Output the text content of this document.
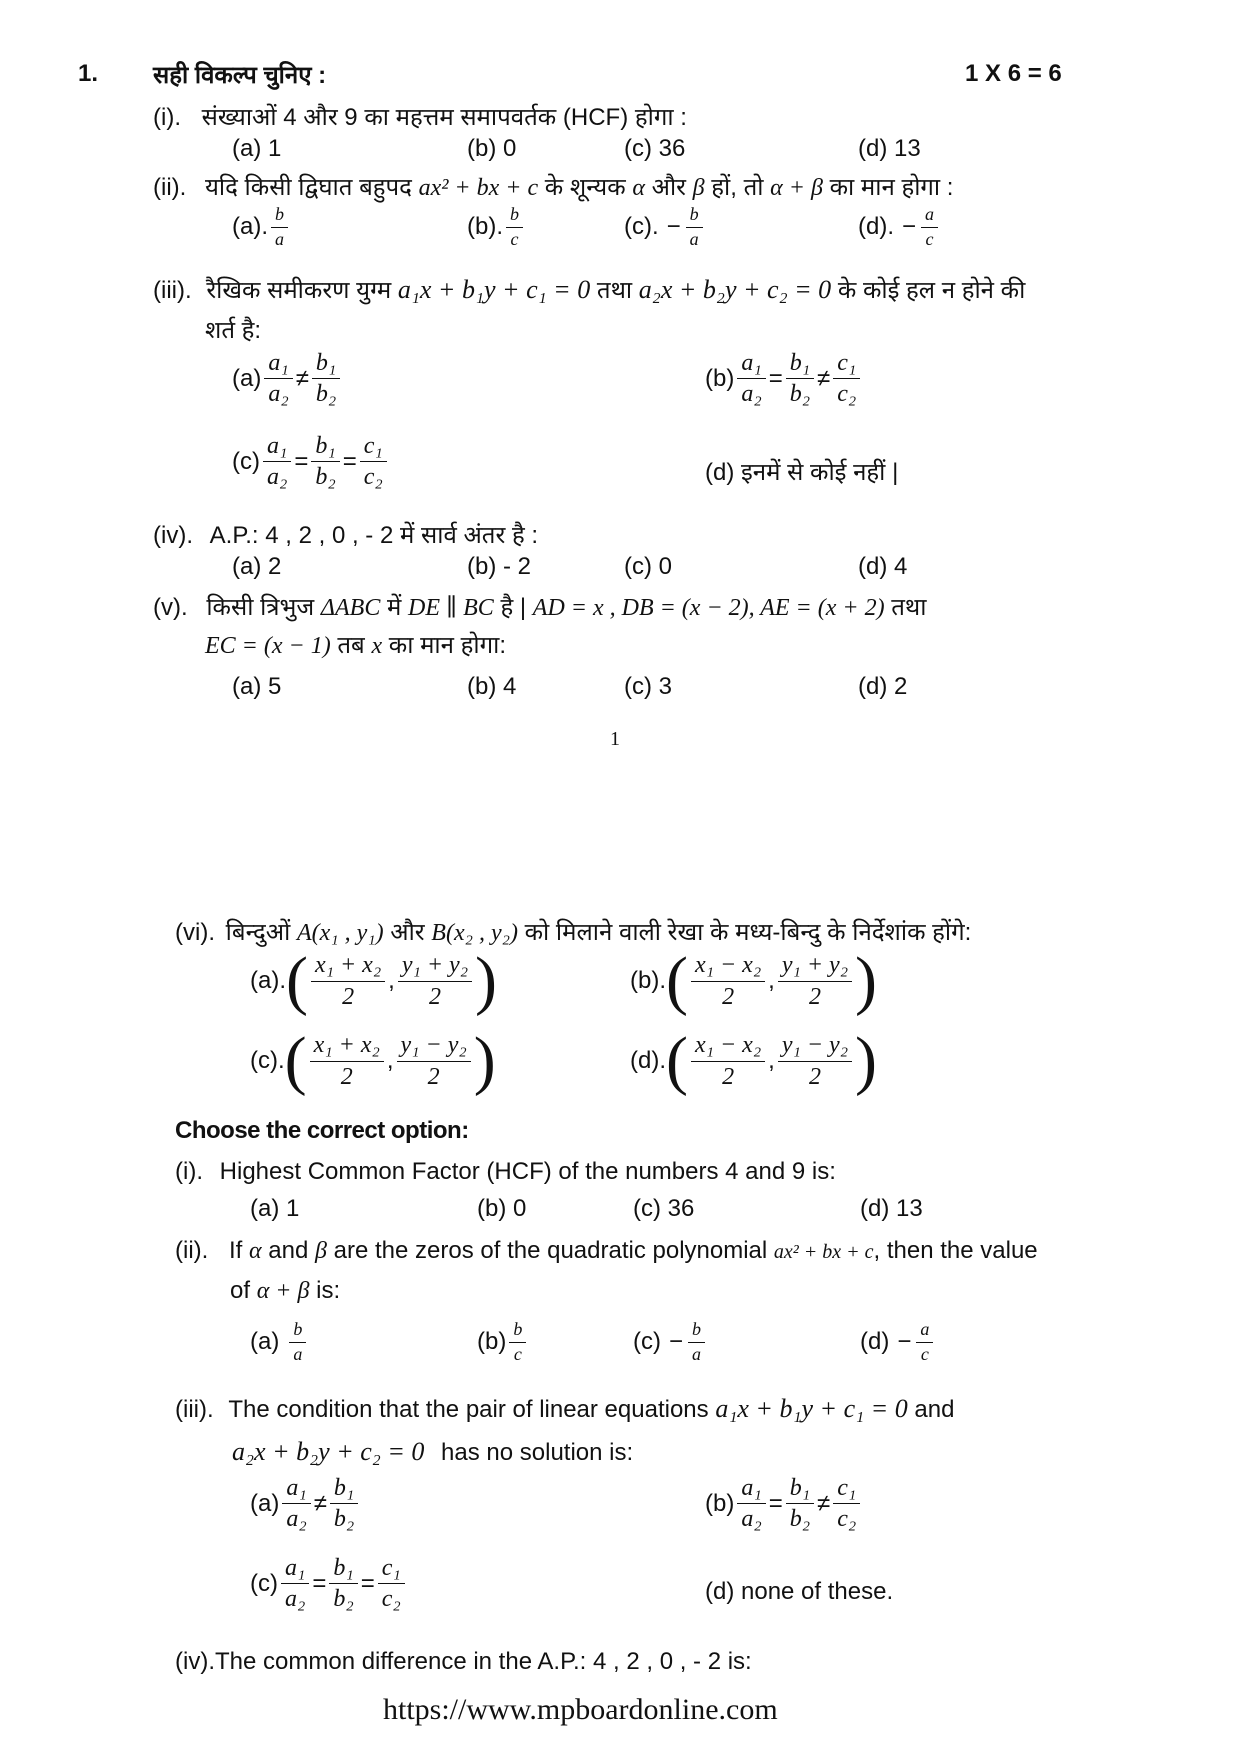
1. सही विकल्प चुनिए :	1 X 6 = 6
(i). संख्याओं 4 और 9 का महत्तम समापवर्तक (HCF) होगा :
(a) 1	(b) 0	(c) 36	(d) 13
(ii). यदि किसी द्विघात बहुपद ax² + bx + c के शून्यक α और β हों, तो α + β का मान होगा :
(a). $\frac{b}{a}$	(b). $\frac{b}{c}$	(c). − $\frac{b}{a}$	(d). − $\frac{a}{c}$
(iii). रैखिक समीकरण युग्म a₁x + b₁y + c₁ = 0 तथा a₂x + b₂y + c₂ = 0 के कोई हल न होने की
शर्त है:
$(a) \frac{\text{a₁}}{\text{a₂}} \ne \frac{\text{b₁}}{\text{b₂}}$	$(b) \frac{\text{a₁}}{\text{a₂}} = \frac{\text{b₁}}{\text{b₂}} \ne \frac{\text{c₁}}{\text{c₂}}$
$(c) \frac{\text{a₁}}{\text{a₂}} = \frac{\text{b₁}}{\text{b₂}} = \frac{\text{c₁}}{\text{c₂}}$	(d) इनमें से कोई नहीं |
(iv). A.P.: 4 , 2 , 0 , - 2 में सार्व अंतर है :
(a) 2	(b) - 2	(c) 0	(d) 4
(v). किसी त्रिभुज ΔABC में DE ∥ BC है | AD = x , DB = (x − 2), AE = (x + 2) तथा
EC = (x − 1) तब x का मान होगा:
(a) 5	(b) 4	(c) 3	(d) 2
1
(vi). बिन्दुओं A(x₁ , y₁) और B(x₂ , y₂) को मिलाने वाली रेखा के मध्य-बिन्दु के निर्देशांक होंगे:
(a). ( $\frac{\text{x₁ + x₂}}{2}$ , $\frac{\text{y₁ + y₂}}{2}$ )	(b). ( $\frac{\text{x₁ − x₂}}{2}$ , $\frac{\text{y₁ + y₂}}{2}$ )
(c). ( $\frac{\text{x₁ + x₂}}{2}$ , $\frac{\text{y₁ − y₂}}{2}$ )	(d). ( $\frac{\text{x₁ − x₂}}{2}$ , $\frac{\text{y₁ − y₂}}{2}$ )
Choose the correct option:
(i). Highest Common Factor (HCF) of the numbers 4 and 9 is:
(a) 1	(b) 0	(c) 36	(d) 13
(ii). If α and β are the zeros of the quadratic polynomial ax² + bx + c, then the value
of α + β is:
$(a) \frac{b}{a}$	$(b) \frac{b}{c}$	$(c) - \frac{b}{a}$	$(d) - \frac{a}{c}$
(iii). The condition that the pair of linear equations a₁x + b₁y + c₁ = 0 and
a₂x + b₂y + c₂ = 0 has no solution is:
$(a) \frac{\text{a₁}}{\text{a₂}} \ne \frac{\text{b₁}}{\text{b₂}}$	$(b) \frac{\text{a₁}}{\text{a₂}} = \frac{\text{b₁}}{\text{b₂}} \ne \frac{\text{c₁}}{\text{c₂}}$
$(c) \frac{\text{a₁}}{\text{a₂}} = \frac{\text{b₁}}{\text{b₂}} = \frac{\text{c₁}}{\text{c₂}}$	(d) none of these.
(iv).The common difference in the A.P.: 4 , 2 , 0 , - 2 is:
https://www.mpboardonline.com
